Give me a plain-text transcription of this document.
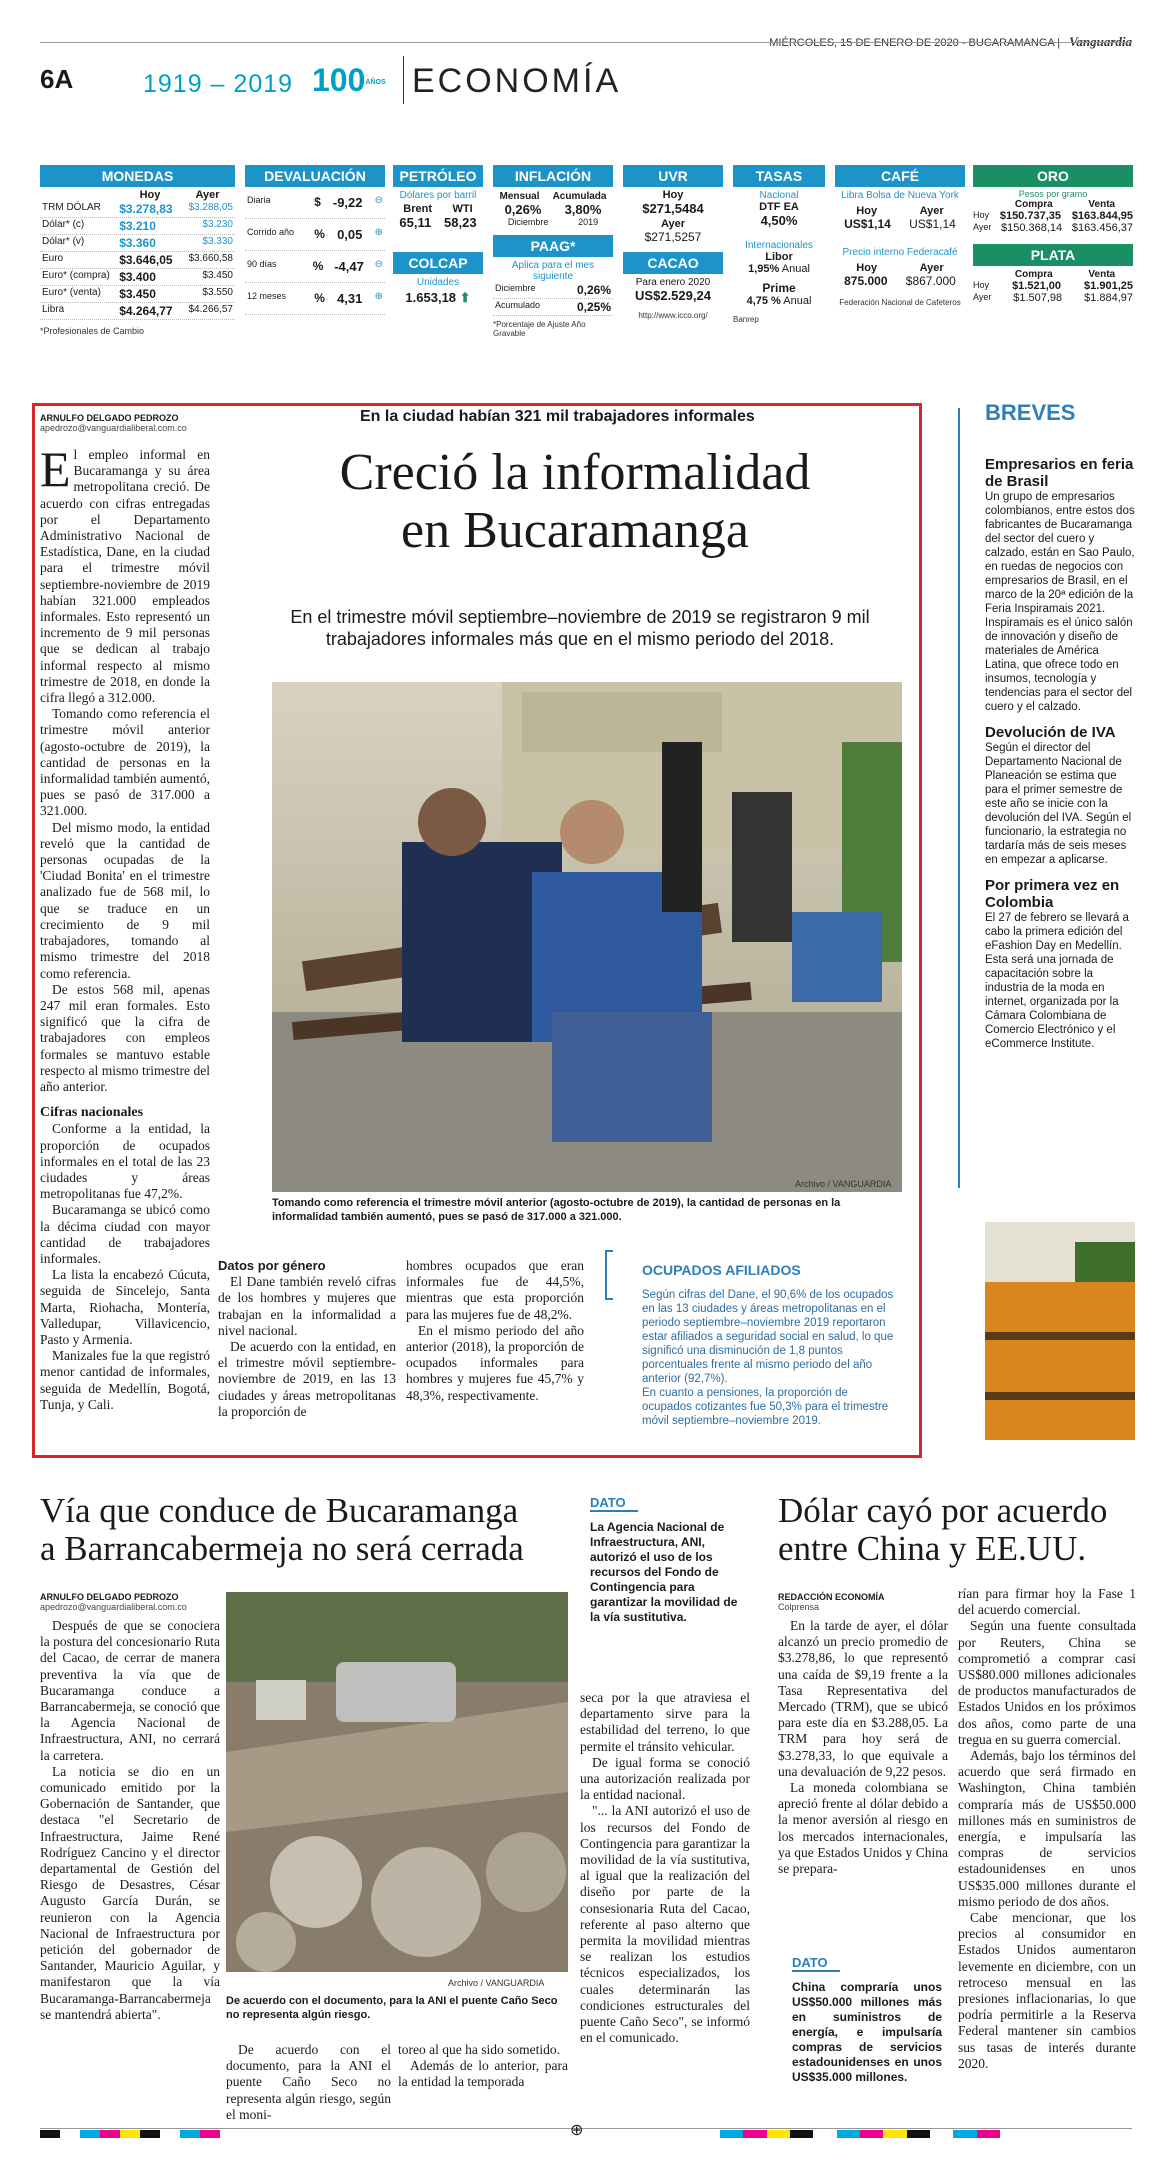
MIÉRCOLES, 15 DE ENERO DE 2020 - BUCARAMANGA | Vanguardia
6A	1919 – 2019 100AÑOS ECONOMÍA
MONEDAS
Hoy	Ayer
TRM DÓLAR	$3.278,83	$3.288,05
Dólar* (c)	$3.210	$3.230
Dólar* (v)	$3.360	$3.330
Euro	$3.646,05	$3.660,58
Euro* (compra) $3.400	$3.450
Euro* (venta)	$3.450	$3.550
Libra	$4.264,77	$4.266,57
*Profesionales de Cambio
DEVALUACIÓN
Diaria	$ -9,22 ⊖
Corrido año	% 0,05 ⊕
90 días	% -4,47 ⊖
12 meses	% 4,31 ⊕
PETRÓLEO
Dólares por barril
Brent WTI
65,11 58,23
COLCAP
Unidades
1.653,18 ⬆
INFLACIÓN
Mensual Acumulada
0,26% 3,80%
Diciembre	2019
PAAG*
Aplica para el mes siguiente
Diciembre	0,26%
Acumulado	0,25%
*Porcentaje de Ajuste Año Gravable
UVR
Hoy
$271,5484
Ayer
$271,5257
CACAO
Para enero 2020
US$2.529,24
http://www.icco.org/
TASAS
Nacional
DTF EA
4,50%
Internacionales
Libor
1,95% Anual
Prime
4,75 % Anual
Banrep
CAFÉ
Libra Bolsa de Nueva York
Hoy	Ayer
US$1,14 US$1,14
Precio interno Federacafé
Hoy	Ayer
875.000 $867.000
Federación Nacional de Cafeteros
ORO
Pesos por gramo
Compra	Venta
Hoy $150.737,35 $163.844,95
Ayer $150.368,14 $163.456,37
PLATA
Compra	Venta
Hoy $1.521,00 $1.901,25
Ayer $1.507,98 $1.884,97
ARNULFO DELGADO PEDROZO
apedrozo@vanguardialiberal.com.co
En la ciudad habían 321 mil trabajadores informales
Creció la informalidad
en Bucaramanga
En el trimestre móvil septiembre–noviembre de 2019 se registraron 9 mil trabajadores informales más que en el mismo periodo del 2018.

El empleo informal en Bucaramanga y su área metropolitana creció. De acuerdo con cifras entregadas por el Departamento Administrativo Nacional de Estadística, Dane, en la ciudad para el trimestre móvil septiembre-noviembre de 2019 habían 321.000 empleados informales. Esto representó un incremento de 9 mil personas que se dedican al trabajo informal respecto al mismo trimestre de 2018, en donde la cifra llegó a 312.000.

Tomando como referencia el trimestre móvil anterior (agosto-octubre de 2019), la cantidad de personas en la informalidad también aumentó, pues se pasó de 317.000 a 321.000.

Del mismo modo, la entidad reveló que la cantidad de personas ocupadas de la 'Ciudad Bonita' en el trimestre analizado fue de 568 mil, lo que se traduce en un crecimiento de 9 mil trabajadores, tomando al mismo trimestre del 2018 como referencia.

De estos 568 mil, apenas 247 mil eran formales. Esto significó que la cifra de trabajadores con empleos formales se mantuvo estable respecto al mismo trimestre del año anterior.

Cifras nacionales

Conforme a la entidad, la proporción de ocupados informales en el total de las 23 ciudades y áreas metropolitanas fue 47,2%.

Bucaramanga se ubicó como la décima ciudad con mayor cantidad de trabajadores informales.

La lista la encabezó Cúcuta, seguida de Sincelejo, Santa Marta, Riohacha, Montería, Valledupar, Villavicencio, Pasto y Armenia.

Manizales fue la que registró menor cantidad de informales, seguida de Medellín, Bogotá, Tunja, y Cali.

Archivo / VANGUARDIA
Tomando como referencia el trimestre móvil anterior (agosto-octubre de 2019), la cantidad de personas en la informalidad también aumentó, pues se pasó de 317.000 a 321.000.

Datos por género

El Dane también reveló cifras de los hombres y mujeres que trabajan en la informalidad a nivel nacional.

De acuerdo con la entidad, en el trimestre móvil septiembre-noviembre de 2019, en las 13 ciudades y áreas metropolitanas la proporción de

hombres ocupados que eran informales fue de 44,5%, mientras que esta proporción para las mujeres fue de 48,2%.

En el mismo periodo del año anterior (2018), la proporción de ocupados informales para hombres y mujeres fue 45,7% y 48,3%, respectivamente.

OCUPADOS AFILIADOS
Según cifras del Dane, el 90,6% de los ocupados en las 13 ciudades y áreas metropolitanas en el periodo septiembre–noviembre 2019 reportaron estar afiliados a seguridad social en salud, lo que significó una disminución de 1,8 puntos porcentuales frente al mismo periodo del año anterior (92,7%).
En cuanto a pensiones, la proporción de ocupados cotizantes fue 50,3% para el trimestre móvil septiembre–noviembre 2019.
BREVES
Empresarios en feria de Brasil

Un grupo de empresarios colombianos, entre estos dos fabricantes de Bucaramanga del sector del cuero y calzado, están en Sao Paulo, en ruedas de negocios con empresarios de Brasil, en el marco de la 20ª edición de la Feria Inspiramais 2021. Inspiramais es el único salón de innovación y diseño de materiales de América Latina, que ofrece todo en insumos, tecnología y tendencias para el sector del cuero y el calzado.

Devolución de IVA

Según el director del Departamento Nacional de Planeación se estima que para el primer semestre de este año se inicie con la devolución del IVA. Según el funcionario, la estrategia no tardaría más de seis meses en empezar a aplicarse.

Por primera vez en Colombia

El 27 de febrero se llevará a cabo la primera edición del eFashion Day en Medellín. Esta será una jornada de capacitación sobre la industria de la moda en internet, organizada por la Cámara Colombiana de Comercio Electrónico y el eCommerce Institute.

Vía que conduce de Bucaramanga
a Barrancabermeja no será cerrada
ARNULFO DELGADO PEDROZO
apedrozo@vanguardialiberal.com.co

Después de que se conociera la postura del concesionario Ruta del Cacao, de cerrar de manera preventiva la vía que de Bucaramanga conduce a Barrancabermeja, se conoció que la Agencia Nacional de Infraestructura, ANI, no cerrará la carretera.

La noticia se dio en un comunicado emitido por la Gobernación de Santander, que destaca "el Secretario de Infraestructura, Jaime René Rodríguez Cancino y el director departamental de Gestión del Riesgo de Desastres, César Augusto García Durán, se reunieron con la Agencia Nacional de Infraestructura por petición del gobernador de Santander, Mauricio Aguilar, y manifestaron que la vía Bucaramanga-Barrancabermeja se mantendrá abierta".

Archivo / VANGUARDIA
De acuerdo con el documento, para la ANI el puente Caño Seco no representa algún riesgo.

De acuerdo con el documento, para la ANI el puente Caño Seco no representa algún riesgo, según el moni-

toreo al que ha sido sometido.

Además de lo anterior, para la entidad la temporada

DATO
La Agencia Nacional de Infraestructura, ANI, autorizó el uso de los recursos del Fondo de Contingencia para garantizar la movilidad de la vía sustitutiva.

seca por la que atraviesa el departamento sirve para la estabilidad del terreno, lo que permite el tránsito vehicular.

De igual forma se conoció una autorización realizada por la entidad nacional.

"... la ANI autorizó el uso de los recursos del Fondo de Contingencia para garantizar la movilidad de la vía sustitutiva, al igual que la realización del diseño por parte de la consesionaria Ruta del Cacao, referente al paso alterno que permita la movilidad mientras se realizan los estudios técnicos especializados, los cuales determinarán las condiciones estructurales del puente Caño Seco", se informó en el comunicado.

Dólar cayó por acuerdo
entre China y EE.UU.
REDACCIÓN ECONOMÍA
Colprensa

En la tarde de ayer, el dólar alcanzó un precio promedio de $3.278,86, lo que representó una caída de $9,19 frente a la Tasa Representativa del Mercado (TRM), que se ubicó para este día en $3.288,05. La TRM para hoy será de $3.278,33, lo que equivale a una devaluación de 9,22 pesos.

La moneda colombiana se apreció frente al dólar debido a la menor aversión al riesgo en los mercados internacionales, ya que Estados Unidos y China se prepara-

DATO
China compraría unos US$50.000 millones más en suministros de energía, e impulsaría compras de servicios estadounidenses en unos US$35.000 millones.

rían para firmar hoy la Fase 1 del acuerdo comercial.

Según una fuente consultada por Reuters, China se comprometió a comprar casi US$80.000 millones adicionales de productos manufacturados de Estados Unidos en los próximos dos años, como parte de una tregua en su guerra comercial.

Además, bajo los términos del acuerdo que será firmado en Washington, China también compraría más de US$50.000 millones más en suministros de energía, e impulsaría las compras de servicios estadounidenses en unos US$35.000 millones durante el mismo periodo de dos años.

Cabe mencionar, que los precios al consumidor en Estados Unidos aumentaron levemente en diciembre, con un retroceso mensual en las presiones inflacionarias, lo que podría permitirle a la Reserva Federal mantener sin cambios sus tasas de interés durante 2020.

⊕
